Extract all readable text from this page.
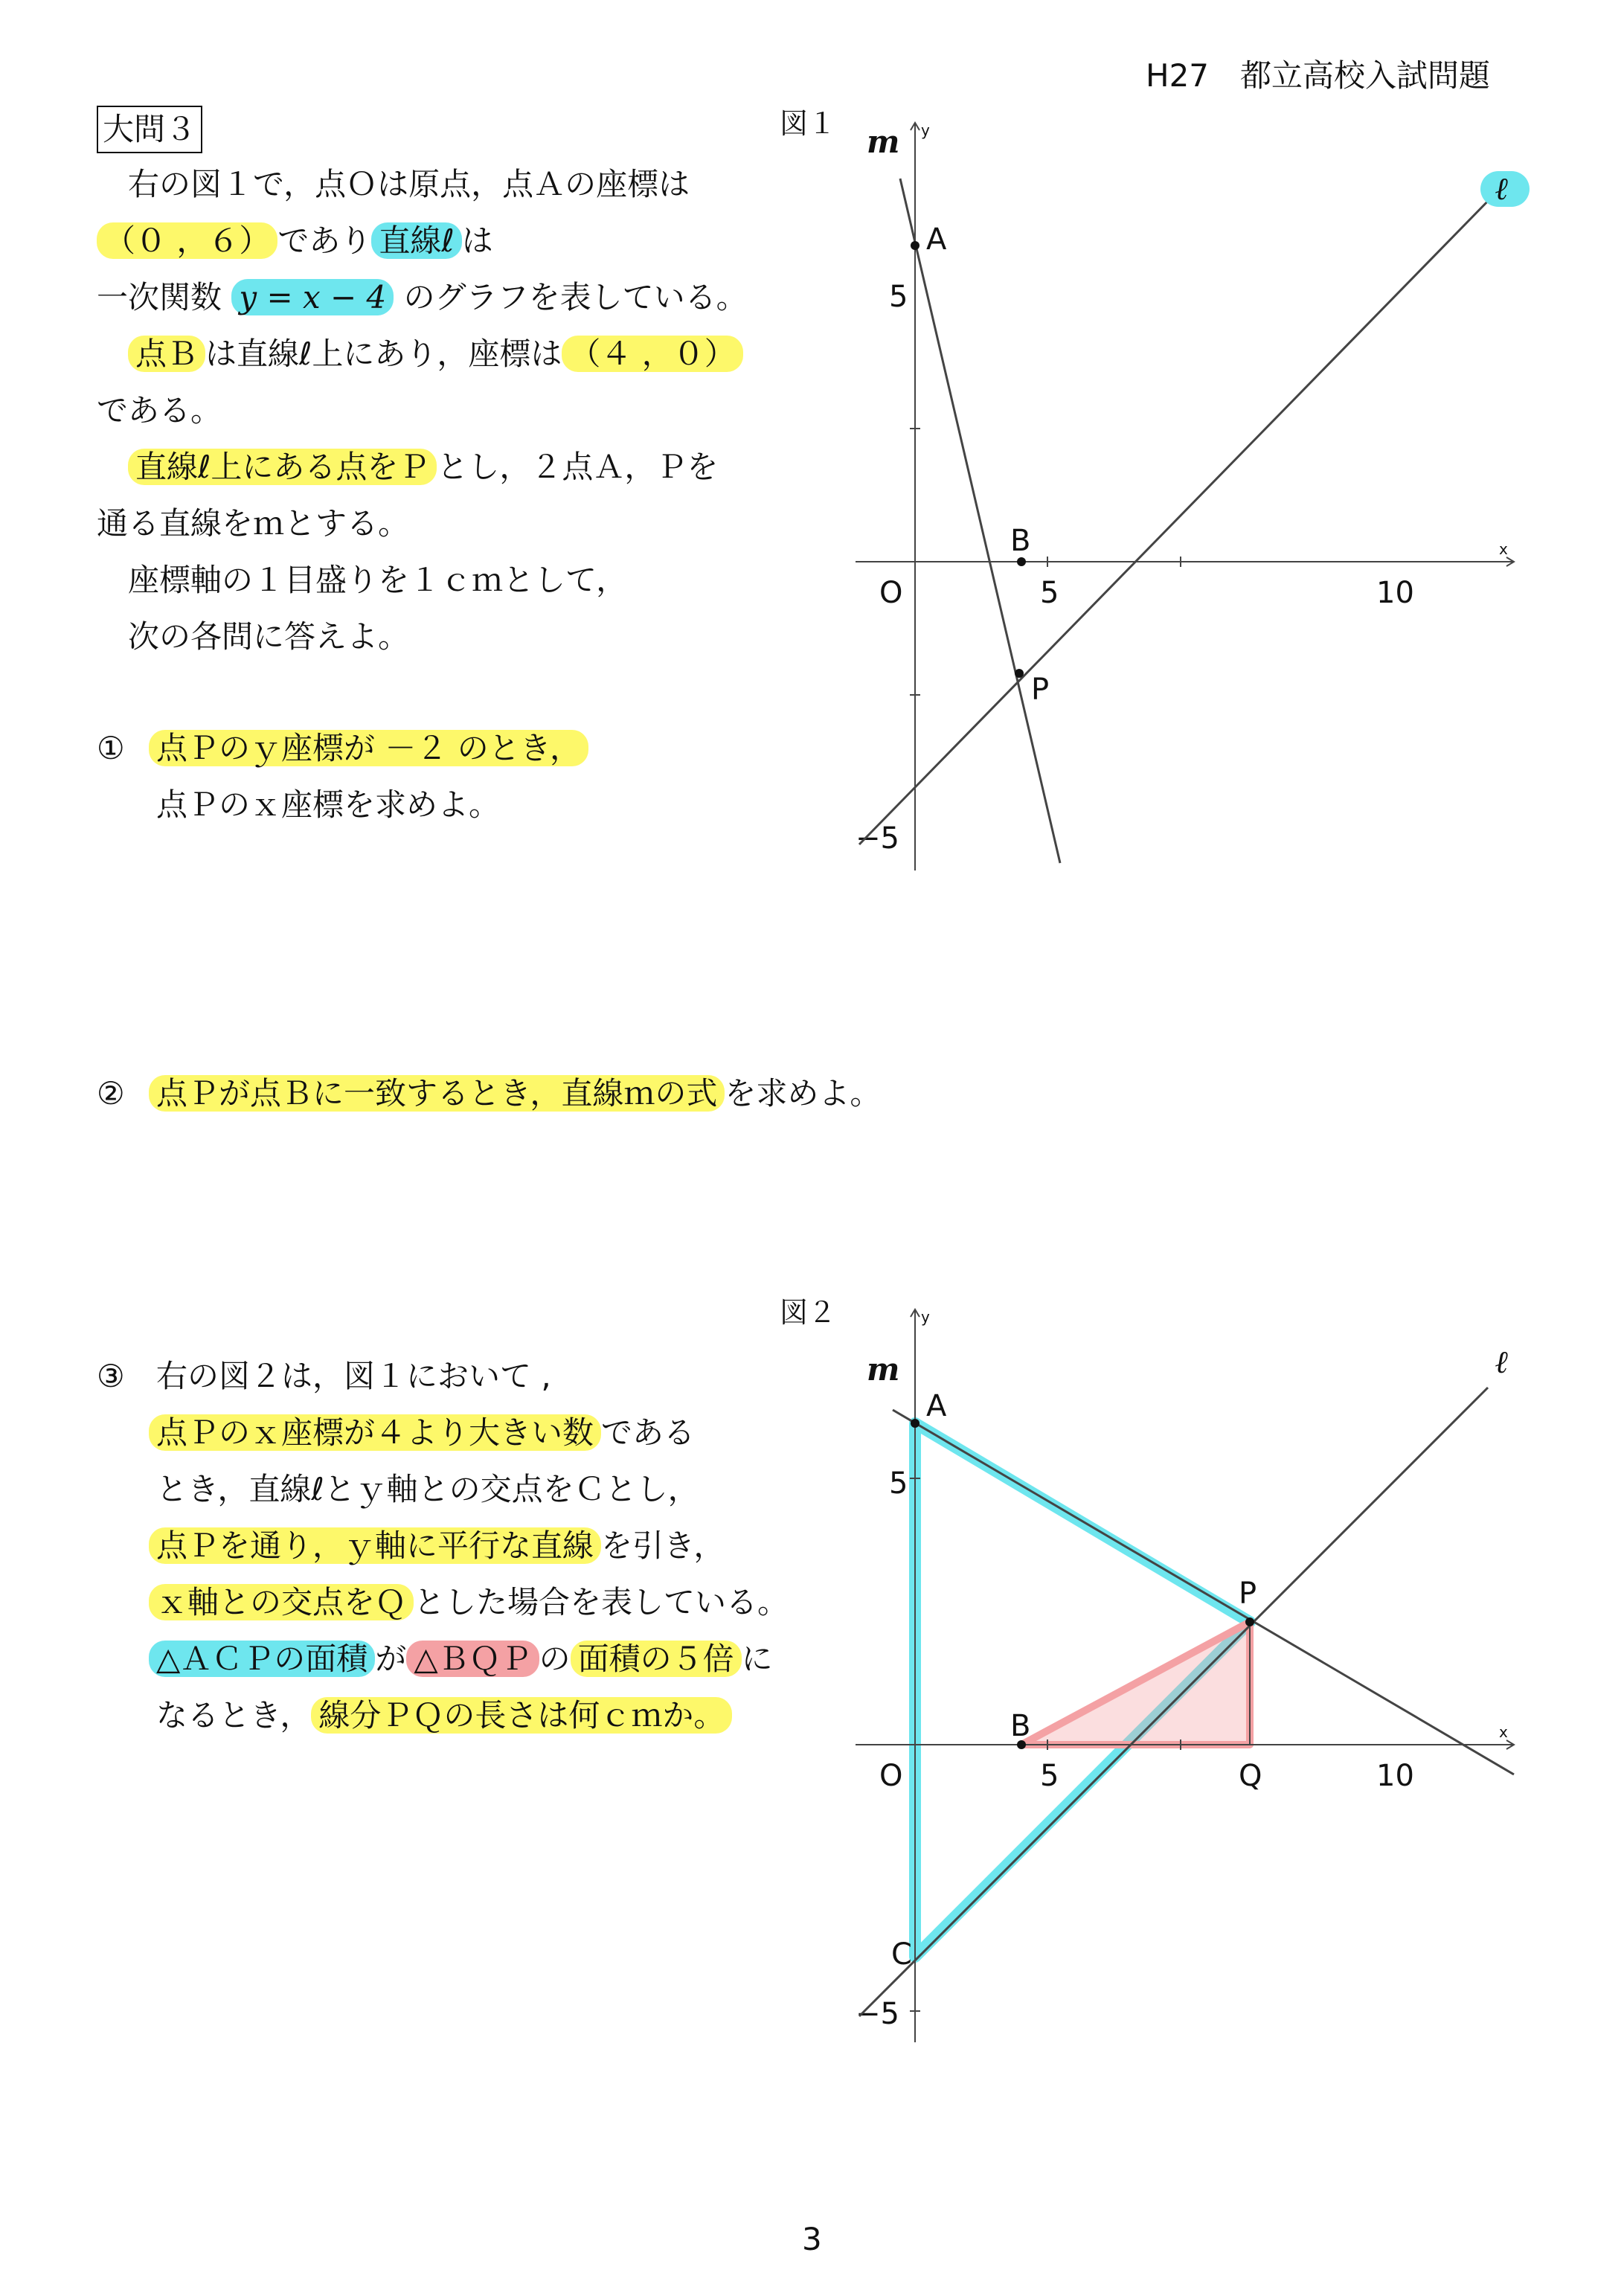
H27　都立高校入試問題
大問３
　右の図１で，点Ｏは原点，点Ａの座標は
（０ ，６） であり 直線ℓ は
一次関数 y = x − 4 のグラフを表している。
　点Ｂ は直線ℓ上にあり，座標は （４ ，０）
である。
　直線ℓ上にある点をＰ とし，２点Ａ，Ｐを
通る直線をｍとする。
　座標軸の１目盛りを１ｃｍとして，
　次の各問に答えよ。
① 点Ｐのｙ座標が －２ のとき，
点Ｐのｘ座標を求めよ。
図１
x
y
5	10
5
−5
O
ℓ
m
A
B
P
② 点Ｐが点Ｂに一致するとき，直線ｍの式 を求めよ。
③ 右の図２は，図１において ,
点Ｐのｘ座標が４より大きい数 である
とき，直線ℓとｙ軸との交点をＣとし，
点Ｐを通り，ｙ軸に平行な直線 を引き，
ｘ軸との交点をＱ とした場合を表している。
△ＡＣＰの面積 が △ＢＱＰ の 面積の５倍 に
なるとき， 線分ＰＱの長さは何ｃｍか。
図２
x
y
5	10
5
−5
O
ℓ
m
A
P
B
Q
C
3
